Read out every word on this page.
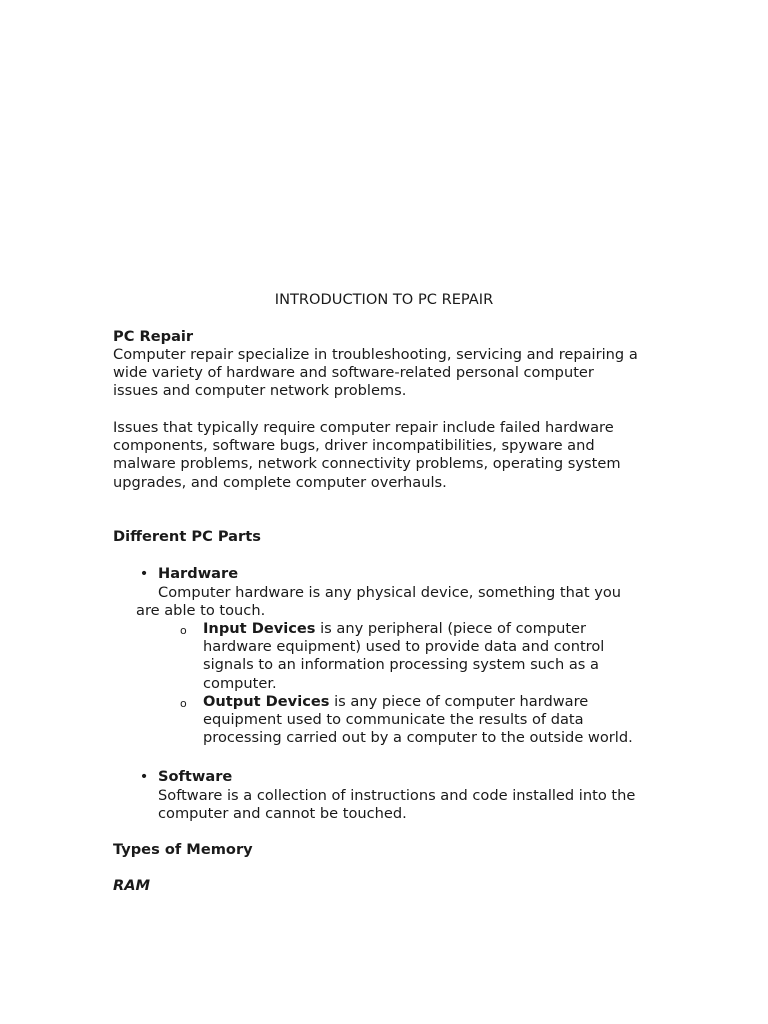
INTRODUCTION TO PC REPAIR
PC Repair
Computer repair specialize in troubleshooting, servicing and repairing a
wide variety of hardware and software-related personal computer
issues and computer network problems.
Issues that typically require computer repair include failed hardware
components, software bugs, driver incompatibilities, spyware and
malware problems, network connectivity problems, operating system
upgrades, and complete computer overhauls.
Different PC Parts
• Hardware
Computer hardware is any physical device, something that you
are able to touch.
o Input Devices is any peripheral (piece of computer
hardware equipment) used to provide data and control
signals to an information processing system such as a
computer.
o Output Devices is any piece of computer hardware
equipment used to communicate the results of data
processing carried out by a computer to the outside world.
• Software
Software is a collection of instructions and code installed into the
computer and cannot be touched.
Types of Memory
RAM
